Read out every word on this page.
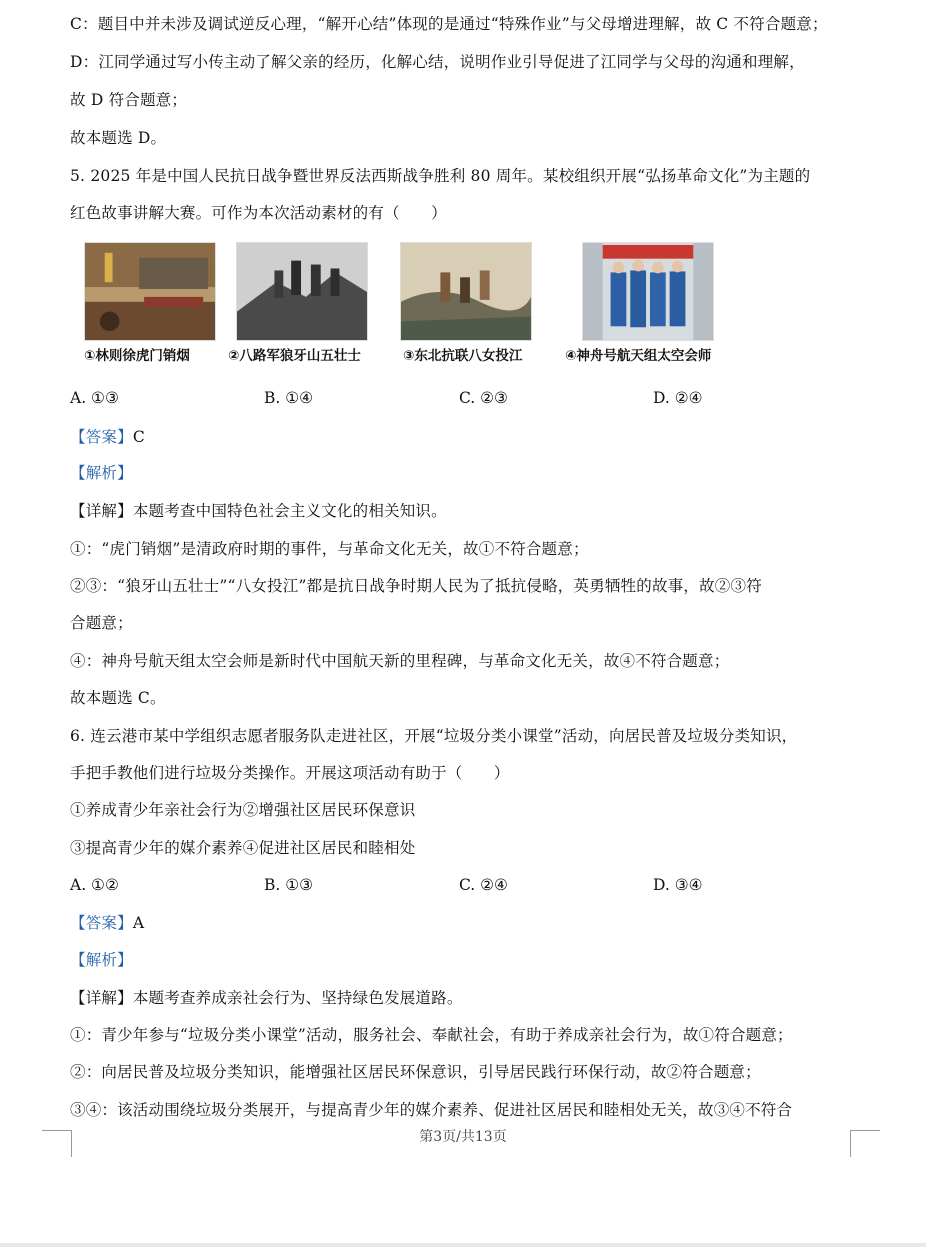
C：题目中并未涉及调试逆反心理，“解开心结”体现的是通过“特殊作业”与父母增进理解，故 C 不符合题意；
D：江同学通过写小传主动了解父亲的经历，化解心结，说明作业引导促进了江同学与父母的沟通和理解，
故 D 符合题意；
故本题选 D。
5. 2025 年是中国人民抗日战争暨世界反法西斯战争胜利 80 周年。某校组织开展“弘扬革命文化”为主题的
红色故事讲解大赛。可作为本次活动素材的有（　　）
①林则徐虎门销烟	②八路军狼牙山五壮士	③东北抗联八女投江	④神舟号航天组太空会师
A. ①③	B. ①④	C. ②③	D. ②④
【答案】C
【解析】
【详解】本题考查中国特色社会主义文化的相关知识。
①：“虎门销烟”是清政府时期的事件，与革命文化无关，故①不符合题意；
②③：“狼牙山五壮士”“八女投江”都是抗日战争时期人民为了抵抗侵略，英勇牺牲的故事，故②③符
合题意；
④：神舟号航天组太空会师是新时代中国航天新的里程碑，与革命文化无关，故④不符合题意；
故本题选 C。
6. 连云港市某中学组织志愿者服务队走进社区，开展“垃圾分类小课堂”活动，向居民普及垃圾分类知识，
手把手教他们进行垃圾分类操作。开展这项活动有助于（　　）
①养成青少年亲社会行为②增强社区居民环保意识
③提高青少年的媒介素养④促进社区居民和睦相处
A. ①②	B. ①③	C. ②④	D. ③④
【答案】A
【解析】
【详解】本题考查养成亲社会行为、坚持绿色发展道路。
①：青少年参与“垃圾分类小课堂”活动，服务社会、奉献社会，有助于养成亲社会行为，故①符合题意；
②：向居民普及垃圾分类知识，能增强社区居民环保意识，引导居民践行环保行动，故②符合题意；
③④：该活动围绕垃圾分类展开，与提高青少年的媒介素养、促进社区居民和睦相处无关，故③④不符合
第3页/共13页
